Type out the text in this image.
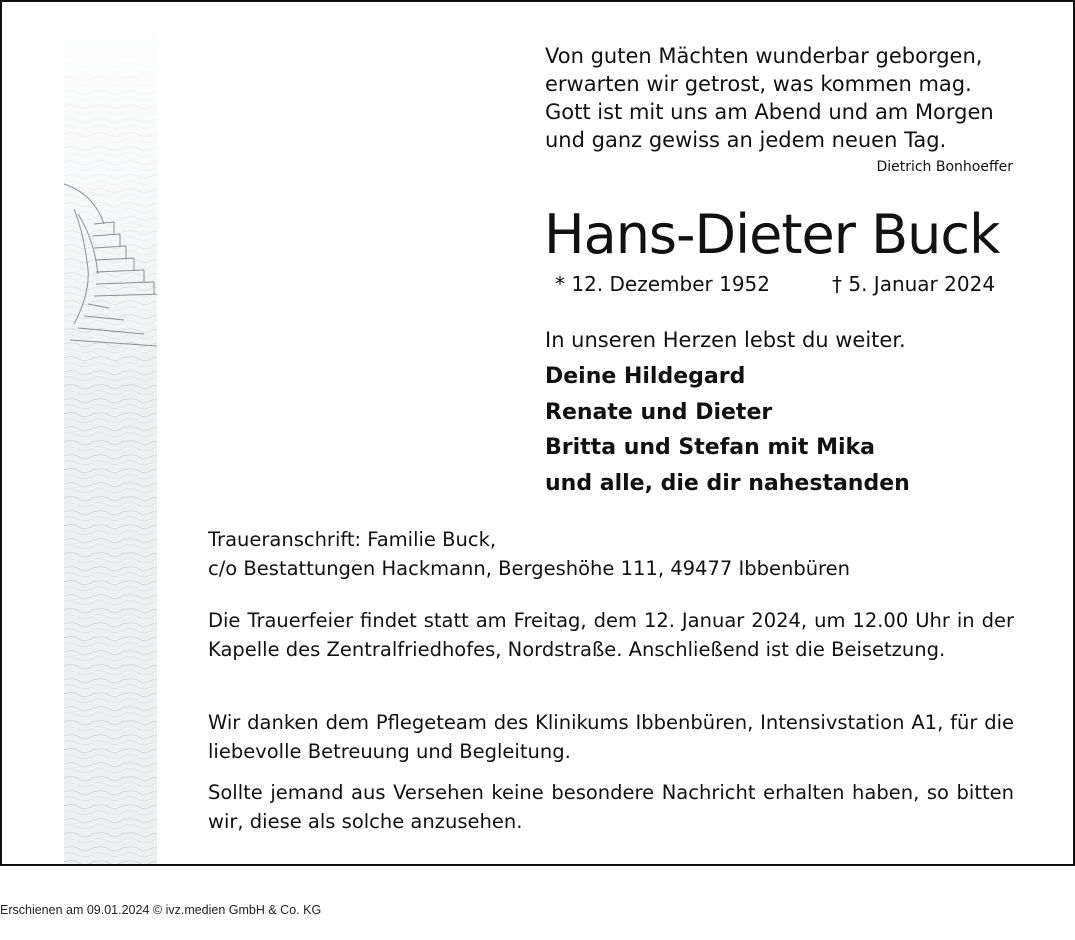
Von guten Mächten wunderbar geborgen,
erwarten wir getrost, was kommen mag.
Gott ist mit uns am Abend und am Morgen
und ganz gewiss an jedem neuen Tag.
Dietrich Bonhoeffer
Hans-Dieter Buck
* 12. Dezember 1952	† 5. Januar 2024
In unseren Herzen lebst du weiter.
Deine Hildegard
Renate und Dieter
Britta und Stefan mit Mika
und alle, die dir nahestanden
Traueranschrift: Familie Buck,
c/o Bestattungen Hackmann, Bergeshöhe 111, 49477 Ibbenbüren
Die Trauerfeier findet statt am Freitag, dem 12. Januar 2024, um 12.00 Uhr in der Kapelle des Zentralfriedhofes, Nordstraße. Anschließend ist die Beisetzung.
Wir danken dem Pflegeteam des Klinikums Ibbenbüren, Intensivstation A1, für die liebevolle Betreuung und Begleitung.
Sollte jemand aus Versehen keine besondere Nachricht erhalten haben, so bitten wir, diese als solche anzusehen.
Erschienen am 09.01.2024 © ivz.medien GmbH & Co. KG
